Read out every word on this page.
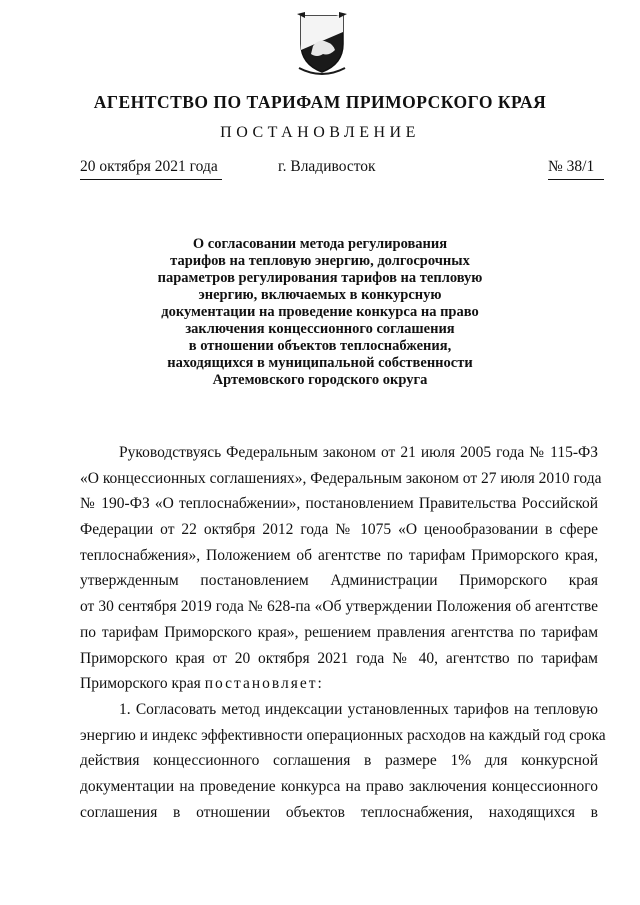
АГЕНТСТВО ПО ТАРИФАМ ПРИМОРСКОГО КРАЯ
ПОСТАНОВЛЕНИЕ
20 октября 2021 года	г. Владивосток	№ 38/1
О согласовании метода регулирования
тарифов на тепловую энергию, долгосрочных
параметров регулирования тарифов на тепловую
энергию, включаемых в конкурсную
документации на проведение конкурса на право
заключения концессионного соглашения
в отношении объектов теплоснабжения,
находящихся в муниципальной собственности
Артемовского городского округа
Руководствуясь Федеральным законом от 21 июля 2005 года № 115-ФЗ
«О концессионных соглашениях», Федеральным законом от 27 июля 2010 года
№ 190-ФЗ «О теплоснабжении», постановлением Правительства Российской
Федерации от 22 октября 2012 года № 1075 «О ценообразовании в сфере
теплоснабжения», Положением об агентстве по тарифам Приморского края,
утвержденным постановлением Администрации Приморского края
от 30 сентября 2019 года № 628-па «Об утверждении Положения об агентстве
по тарифам Приморского края», решением правления агентства по тарифам
Приморского края от 20 октября 2021 года № 40, агентство по тарифам
Приморского края постановляет:
1. Согласовать метод индексации установленных тарифов на тепловую
энергию и индекс эффективности операционных расходов на каждый год срока
действия концессионного соглашения в размере 1% для конкурсной
документации на проведение конкурса на право заключения концессионного
соглашения в отношении объектов теплоснабжения, находящихся в
